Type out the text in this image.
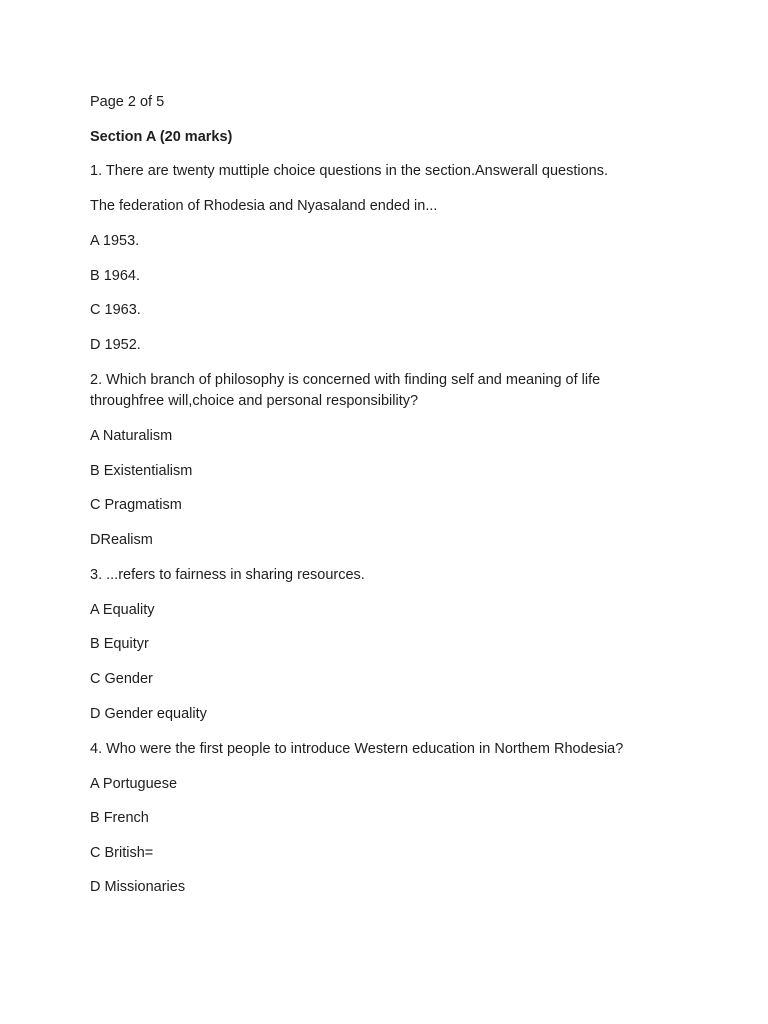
Page 2 of 5

Section A (20 marks)

1. There are twenty muttiple choice questions in the section.Answerall questions.

The federation of Rhodesia and Nyasaland ended in...

A 1953.

B 1964.

C 1963.

D 1952.

2. Which branch of philosophy is concerned with finding self and meaning of life

throughfree will,choice and personal responsibility?

A Naturalism

B Existentialism

C Pragmatism

DRealism

3. ...refers to fairness in sharing resources.

A Equality

B Equityr

C Gender

D Gender equality

4. Who were the first people to introduce Western education in Northem Rhodesia?

A Portuguese

B French

C British=

D Missionaries
